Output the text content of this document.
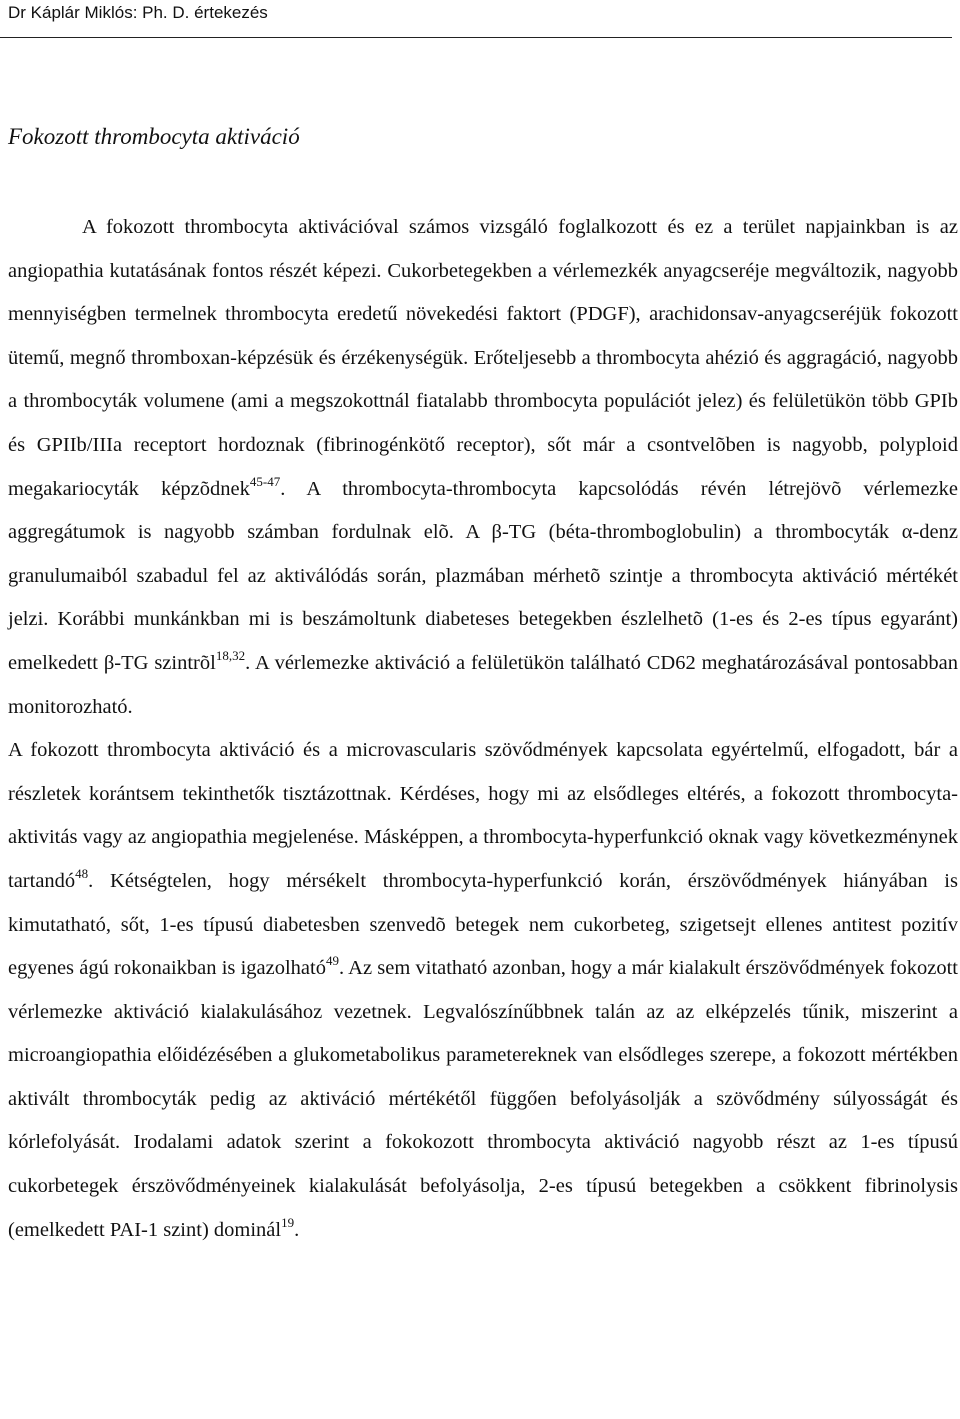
Dr Káplár Miklós: Ph. D. értekezés
Fokozott thrombocyta aktiváció

A fokozott thrombocyta aktivációval számos vizsgáló foglalkozott és ez a terület napjainkban is az angiopathia kutatásának fontos részét képezi. Cukorbetegekben a vérlemezkék anyagcseréje megváltozik, nagyobb mennyiségben termelnek thrombocyta eredetű növekedési faktort (PDGF), arachidonsav-anyagcseréjük fokozott ütemű, megnő thromboxan-képzésük és érzékenységük. Erőteljesebb a thrombocyta ahézió és aggragáció, nagyobb a thrombocyták volumene (ami a megszokottnál fiatalabb thrombocyta populációt jelez) és felületükön több GPIb és GPIIb/IIIa receptort hordoznak (fibrinogénkötő receptor), sőt már a csontvelõben is nagyobb, polyploid megakariocyták képzõdnek$^{45-47}$. A thrombocyta-thrombocyta kapcsolódás révén létrejövõ vérlemezke aggregátumok is nagyobb számban fordulnak elõ. A β-TG (béta-thromboglobulin) a thrombocyták α-denz granulumaiból szabadul fel az aktiválódás során, plazmában mérhetõ szintje a thrombocyta aktiváció mértékét jelzi. Korábbi munkánkban mi is beszámoltunk diabeteses betegekben észlelhetõ (1-es és 2-es típus egyaránt) emelkedett β-TG szintrõl$^{18,32}$. A vérlemezke aktiváció a felületükön található CD62 meghatározásával pontosabban monitorozható.

A fokozott thrombocyta aktiváció és a microvascularis szövődmények kapcsolata egyértelmű, elfogadott, bár a részletek korántsem tekinthetők tisztázottnak. Kérdéses, hogy mi az elsődleges eltérés, a fokozott thrombocyta-aktivitás vagy az angiopathia megjelenése. Másképpen, a thrombocyta-hyperfunkció oknak vagy következménynek tartandó$^{48}$. Kétségtelen, hogy mérsékelt thrombocyta-hyperfunkció korán, érszövődmények hiányában is kimutatható, sőt, 1-es típusú diabetesben szenvedõ betegek nem cukorbeteg, szigetsejt ellenes antitest pozitív egyenes ágú rokonaikban is igazolható$^{49}$. Az sem vitatható azonban, hogy a már kialakult érszövődmények fokozott vérlemezke aktiváció kialakulásához vezetnek. Legvalószínűbbnek talán az az elképzelés tűnik, miszerint a microangiopathia előidézésében a glukometabolikus parametereknek van elsődleges szerepe, a fokozott mértékben aktivált thrombocyták pedig az aktiváció mértékétől függően befolyásolják a szövődmény súlyosságát és kórlefolyását. Irodalami adatok szerint a fokokozott thrombocyta aktiváció nagyobb részt az 1-es típusú cukorbetegek érszövődményeinek kialakulását befolyásolja, 2-es típusú betegekben a csökkent fibrinolysis (emelkedett PAI-1 szint) dominál$^{19}$.
